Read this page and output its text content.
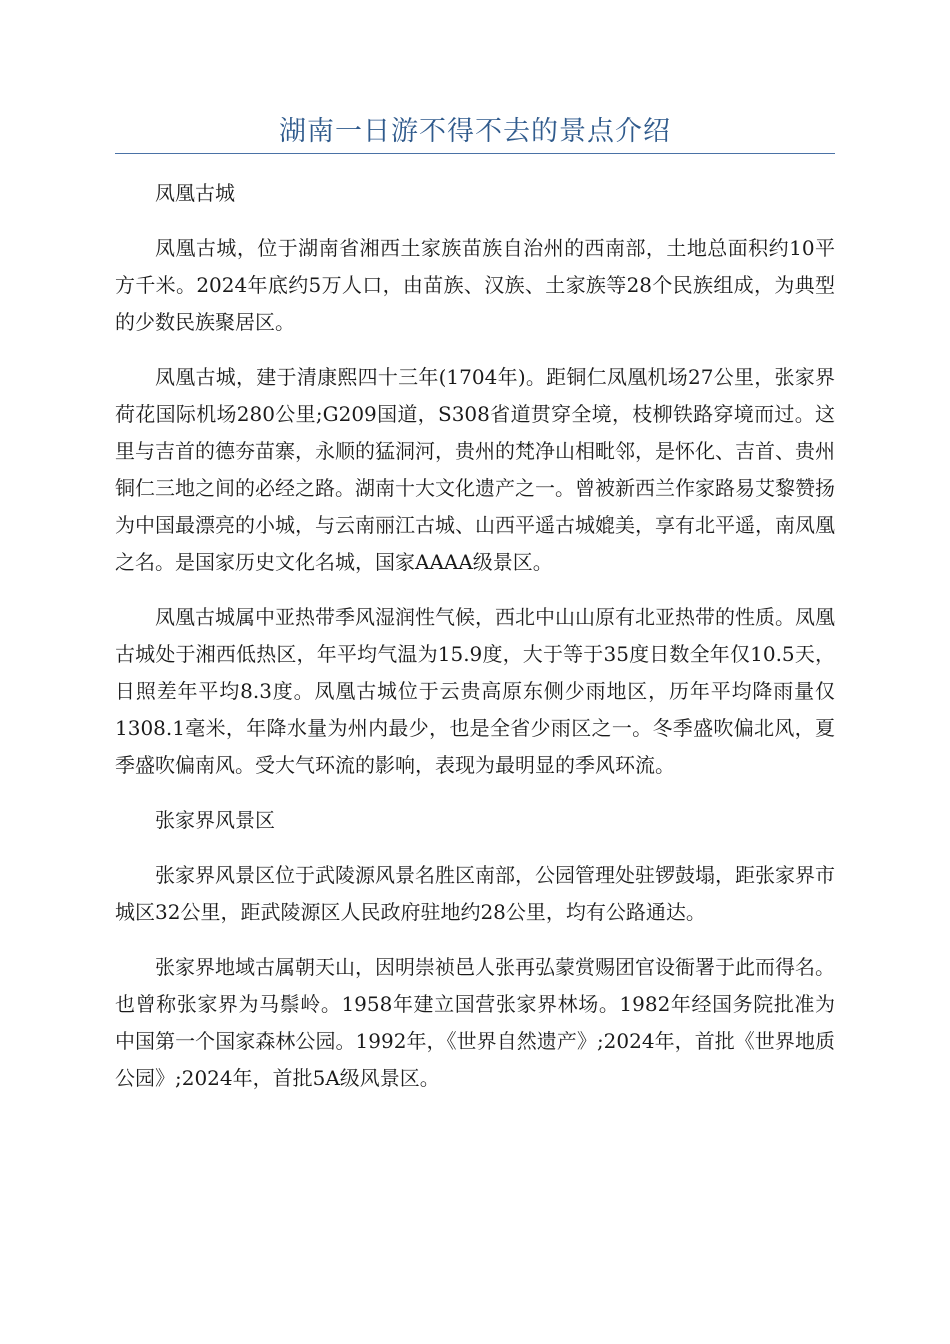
湖南一日游不得不去的景点介绍

凤凰古城

凤凰古城，位于湖南省湘西土家族苗族自治州的西南部，土地总面积约10平方千米。2024年底约5万人口，由苗族、汉族、土家族等28个民族组成，为典型的少数民族聚居区。

凤凰古城，建于清康熙四十三年(1704年)。距铜仁凤凰机场27公里，张家界荷花国际机场280公里;G209国道，S308省道贯穿全境，枝柳铁路穿境而过。这里与吉首的德夯苗寨，永顺的猛洞河，贵州的梵净山相毗邻，是怀化、吉首、贵州铜仁三地之间的必经之路。湖南十大文化遗产之一。曾被新西兰作家路易艾黎赞扬为中国最漂亮的小城，与云南丽江古城、山西平遥古城媲美，享有北平遥，南凤凰之名。是国家历史文化名城，国家AAAA级景区。

凤凰古城属中亚热带季风湿润性气候，西北中山山原有北亚热带的性质。凤凰古城处于湘西低热区，年平均气温为15.9度，大于等于35度日数全年仅10.5天，日照差年平均8.3度。凤凰古城位于云贵高原东侧少雨地区，历年平均降雨量仅1308.1毫米，年降水量为州内最少，也是全省少雨区之一。冬季盛吹偏北风，夏季盛吹偏南风。受大气环流的影响，表现为最明显的季风环流。

张家界风景区

张家界风景区位于武陵源风景名胜区南部，公园管理处驻锣鼓塌，距张家界市城区32公里，距武陵源区人民政府驻地约28公里，均有公路通达。

张家界地域古属朝天山，因明崇祯邑人张再弘蒙赏赐团官设衙署于此而得名。也曾称张家界为马鬃岭。1958年建立国营张家界林场。1982年经国务院批准为中国第一个国家森林公园。1992年，《世界自然遗产》;2024年，首批《世界地质公园》;2024年，首批5A级风景区。
